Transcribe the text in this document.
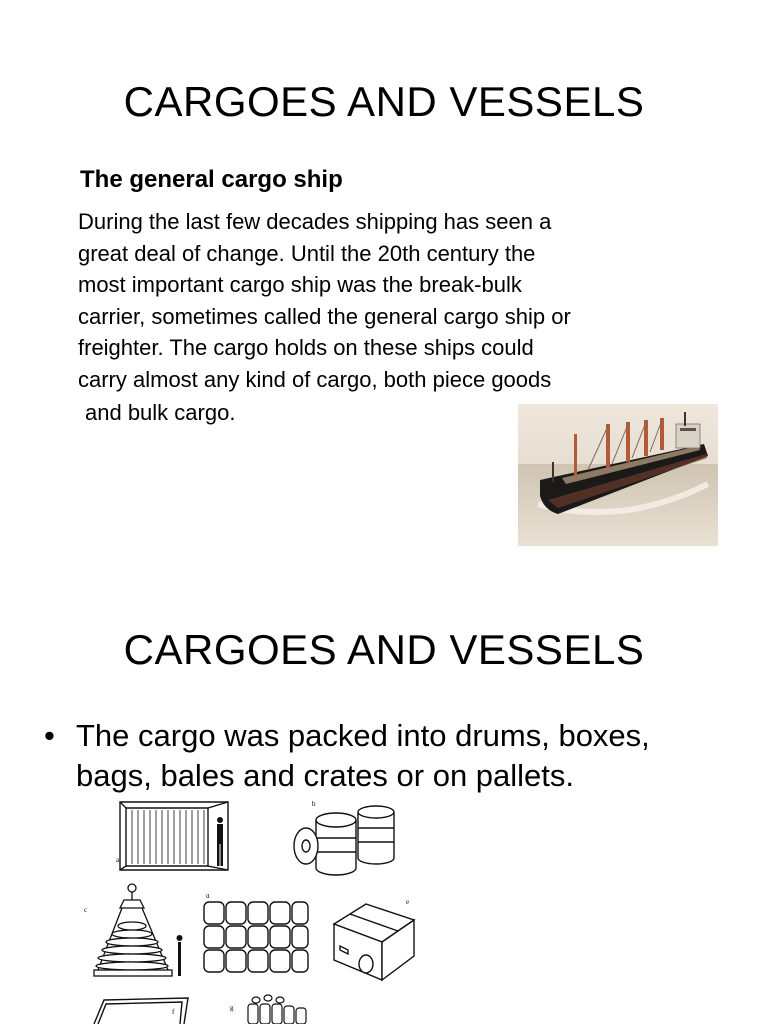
CARGOES AND VESSELS
The general cargo ship
During the last few decades shipping has seen a
great deal of change. Until the 20th century the
most important cargo ship was the break-bulk
carrier, sometimes called the general cargo ship or
freighter. The cargo holds on these ships could
carry almost any kind of cargo, both piece goods
and bulk cargo.
CARGOES AND VESSELS
• The cargo was packed into drums, boxes, bags, bales and crates or on pallets.
a
b
c
d
e
f	g
